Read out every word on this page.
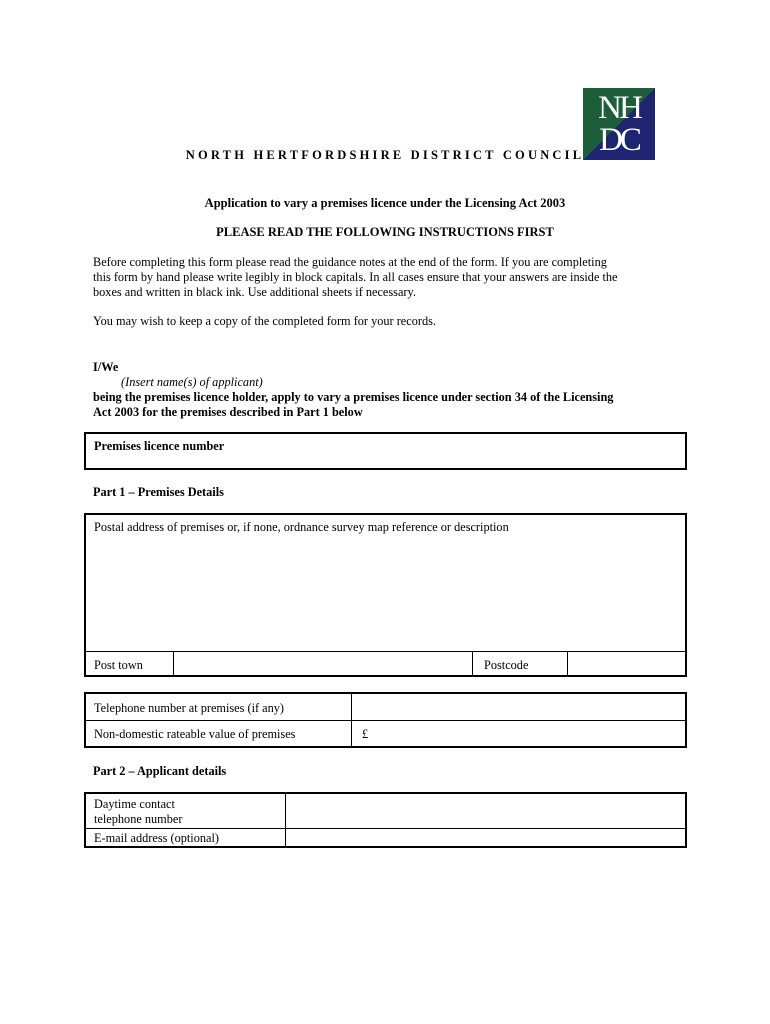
NH
DC
NORTH HERTFORDSHIRE DISTRICT COUNCIL
Application to vary a premises licence under the Licensing Act 2003
PLEASE READ THE FOLLOWING INSTRUCTIONS FIRST
Before completing this form please read the guidance notes at the end of the form. If you are completing
this form by hand please write legibly in block capitals. In all cases ensure that your answers are inside the
boxes and written in black ink. Use additional sheets if necessary.
You may wish to keep a copy of the completed form for your records.
I/We
(Insert name(s) of applicant)
being the premises licence holder, apply to vary a premises licence under section 34 of the Licensing
Act 2003 for the premises described in Part 1 below
Premises licence number
Part 1 – Premises Details
Postal address of premises or, if none, ordnance survey map reference or description
Post town	Postcode
Telephone number at premises (if any)
Non-domestic rateable value of premises	£
Part 2 – Applicant details
Daytime contact
telephone number
E-mail address (optional)
